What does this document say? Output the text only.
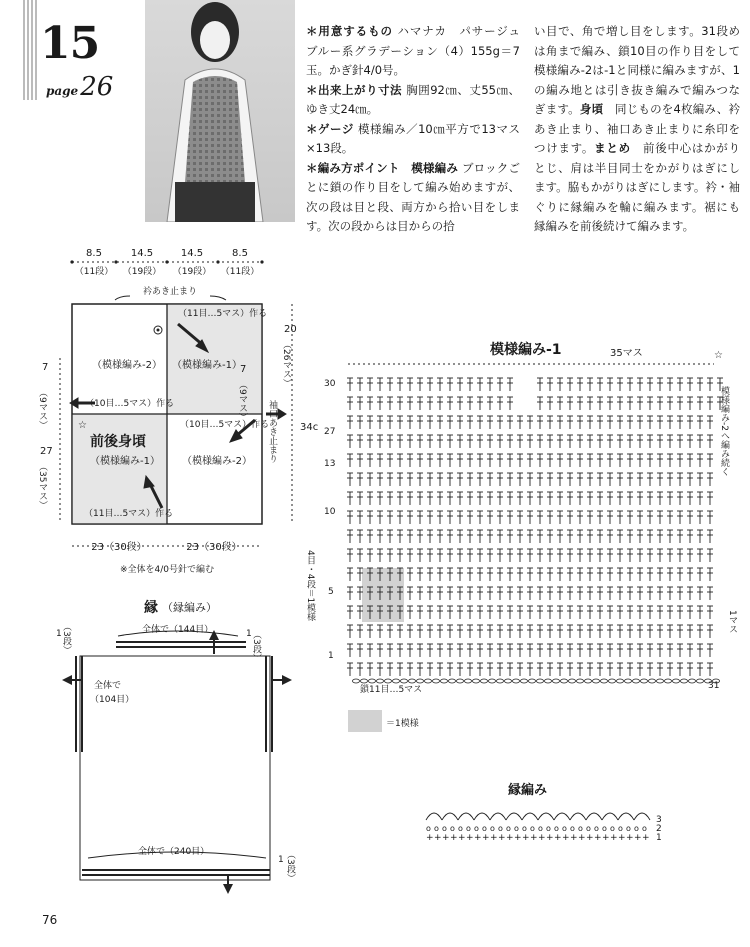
15
page26
＊用意するもの ハマナカ　パサージュ　ブルー系グラデーション（4）155g＝7玉。かぎ針4/0号。
＊出来上がり寸法 胸囲92㎝、丈55㎝、ゆき丈24㎝。
＊ゲージ 模様編み／10㎝平方で13マス×13段。
＊編み方ポイント　模様編み ブロックごとに鎖の作り目をして編み始めますが、次の段は目と段、両方から拾い目をします。次の段からは目からの拾
い目で、角で増し目をします。31段めは角まで編み、鎖10目の作り目をして模様編み-2は-1と同様に編みますが、1の編み地とは引き抜き編みで編みつなぎます。身頃　 同じものを4枚編み、衿あき止まり、袖口あき止まりに糸印をつけます。まとめ　 前後中心はかがりとじ、肩は半目同士をかがりはぎにします。脇もかがりはぎにします。衿・袖ぐりに縁編みを輪に編みます。裾にも縁編みを前後続けて編みます。
8.5	14.5	14.5	8.5
（11段） （19段） （19段） （11段）
衿あき止まり
（11目…5マス）作る
（模様編み-2） （模様編み-1）
（10目…5マス）作る
（10目…5マス）作る
前後身頃
（模様編み-1） （模様編み-2）
（11目…5マス）作る
☆
7
（9マス）
27
（35マス）
7
（9マス）
20
（26マス）
袖口あき止まり 34c
23（30段）	23（30段）
※全体を4/0号針で編む
縁 （縁編み）
全体で（144目）
全体で
（104目）
1 （3段）	1 （3段）
全体で（240目）
1 （3段）
模様編み-1	35マス	☆
30
27
13
10
5
1
4目・4段＝1模様
模様編み-2へ編み続く
1マス
31
鎖11目…5マス
＝1模様
縁編み
+
o
+
o
+
o
+
o
+
o
+
o
+
o
+
o
+
o
+
o
+
o
+
o
+
o
+
o
+
o
+
o
+
o
+
o
+
o
+
o
+
o
+
o
+
o
+
o
+
o
+
o
+
o
+
o
3
2
1
76
